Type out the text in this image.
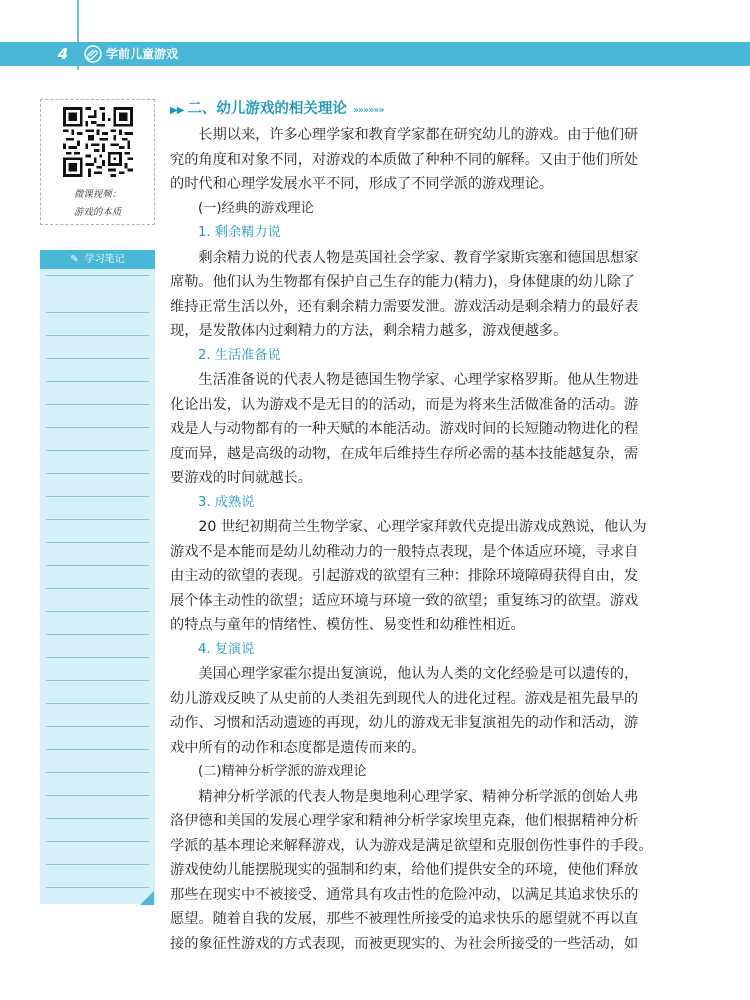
4	学前儿童游戏
微课视频：
游戏的本质
✎ 学习笔记
▶▶ 二、幼儿游戏的相关理论 »»»»»»
　　长期以来，许多心理学家和教育学家都在研究幼儿的游戏。由于他们研
究的角度和对象不同，对游戏的本质做了种种不同的解释。又由于他们所处
的时代和心理学发展水平不同，形成了不同学派的游戏理论。
(一)经典的游戏理论
1. 剩余精力说
　　剩余精力说的代表人物是英国社会学家、教育学家斯宾塞和德国思想家
席勒。他们认为生物都有保护自己生存的能力(精力)，身体健康的幼儿除了
维持正常生活以外，还有剩余精力需要发泄。游戏活动是剩余精力的最好表
现，是发散体内过剩精力的方法，剩余精力越多，游戏便越多。
2. 生活准备说
　　生活准备说的代表人物是德国生物学家、心理学家格罗斯。他从生物进
化论出发，认为游戏不是无目的的活动，而是为将来生活做准备的活动。游
戏是人与动物都有的一种天赋的本能活动。游戏时间的长短随动物进化的程
度而异，越是高级的动物，在成年后维持生存所必需的基本技能越复杂，需
要游戏的时间就越长。
3. 成熟说
　　20 世纪初期荷兰生物学家、心理学家拜敦代克提出游戏成熟说，他认为
游戏不是本能而是幼儿幼稚动力的一般特点表现，是个体适应环境，寻求自
由主动的欲望的表现。引起游戏的欲望有三种：排除环境障碍获得自由，发
展个体主动性的欲望；适应环境与环境一致的欲望；重复练习的欲望。游戏
的特点与童年的情绪性、模仿性、易变性和幼稚性相近。
4. 复演说
　　美国心理学家霍尔提出复演说，他认为人类的文化经验是可以遗传的，
幼儿游戏反映了从史前的人类祖先到现代人的进化过程。游戏是祖先最早的
动作、习惯和活动遗迹的再现，幼儿的游戏无非复演祖先的动作和活动，游
戏中所有的动作和态度都是遗传而来的。
(二)精神分析学派的游戏理论
　　精神分析学派的代表人物是奥地利心理学家、精神分析学派的创始人弗
洛伊德和美国的发展心理学家和精神分析学家埃里克森，他们根据精神分析
学派的基本理论来解释游戏，认为游戏是满足欲望和克服创伤性事件的手段。
游戏使幼儿能摆脱现实的强制和约束，给他们提供安全的环境，使他们释放
那些在现实中不被接受、通常具有攻击性的危险冲动，以满足其追求快乐的
愿望。随着自我的发展，那些不被理性所接受的追求快乐的愿望就不再以直
接的象征性游戏的方式表现，而被更现实的、为社会所接受的一些活动，如
